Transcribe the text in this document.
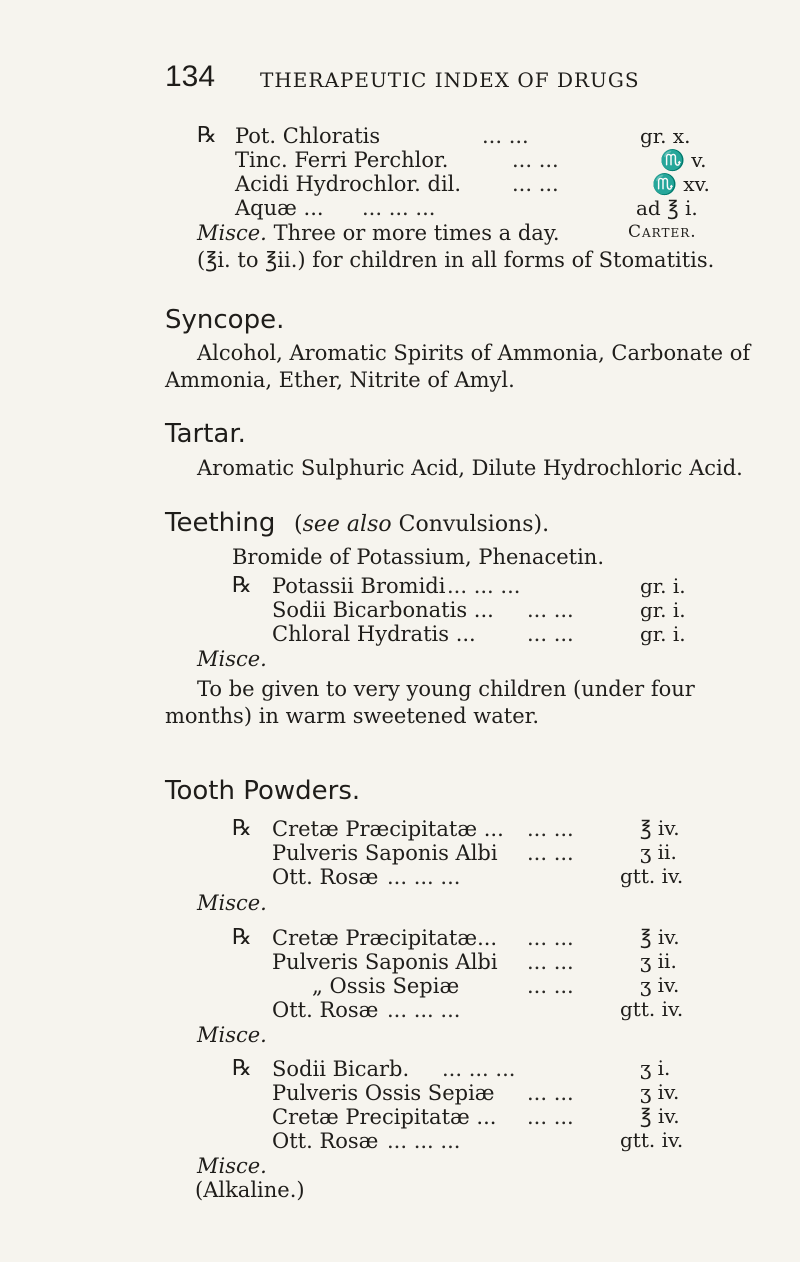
134 THERAPEUTIC INDEX OF DRUGS
℞ Pot. Chloratis	... ...	gr. x.
Tinc. Ferri Perchlor.	... ...	♏ v.
Acidi Hydrochlor. dil. ... ...	♏ xv.
Aquæ ... ... ... ...	ad ℥ i.
Misce. Three or more times a day.	Carter.
(℥i. to ℥ii.) for children in all forms of Stomatitis.
Syncope.
Alcohol, Aromatic Spirits of Ammonia, Carbonate of Ammonia, Ether, Nitrite of Amyl.
Tartar.
Aromatic Sulphuric Acid, Dilute Hydrochloric Acid.
Teething (see also Convulsions).
Bromide of Potassium, Phenacetin.
℞ Potassii Bromidi ... ... ...	gr. i.
Sodii Bicarbonatis ... ... ...	gr. i.
Chloral Hydratis ... ... ...	gr. i.
Misce.
To be given to very young children (under four months) in warm sweetened water.
Tooth Powders.
℞ Cretæ Præcipitatæ ... ... ...	℥ iv.
Pulveris Saponis Albi ... ...	ʒ ii.
Ott. Rosæ ... ... ...	gtt. iv.
Misce.
℞ Cretæ Præcipitatæ... ... ...	℥ iv.
Pulveris Saponis Albi ... ...	ʒ ii.
„ Ossis Sepiæ	... ...	ʒ iv.
Ott. Rosæ ... ... ...	gtt. iv.
Misce.
℞ Sodii Bicarb. ... ... ...	ʒ i.
Pulveris Ossis Sepiæ ... ...	ʒ iv.
Cretæ Precipitatæ ... ... ...	℥ iv.
Ott. Rosæ ... ... ...	gtt. iv.
Misce.
(Alkaline.)
